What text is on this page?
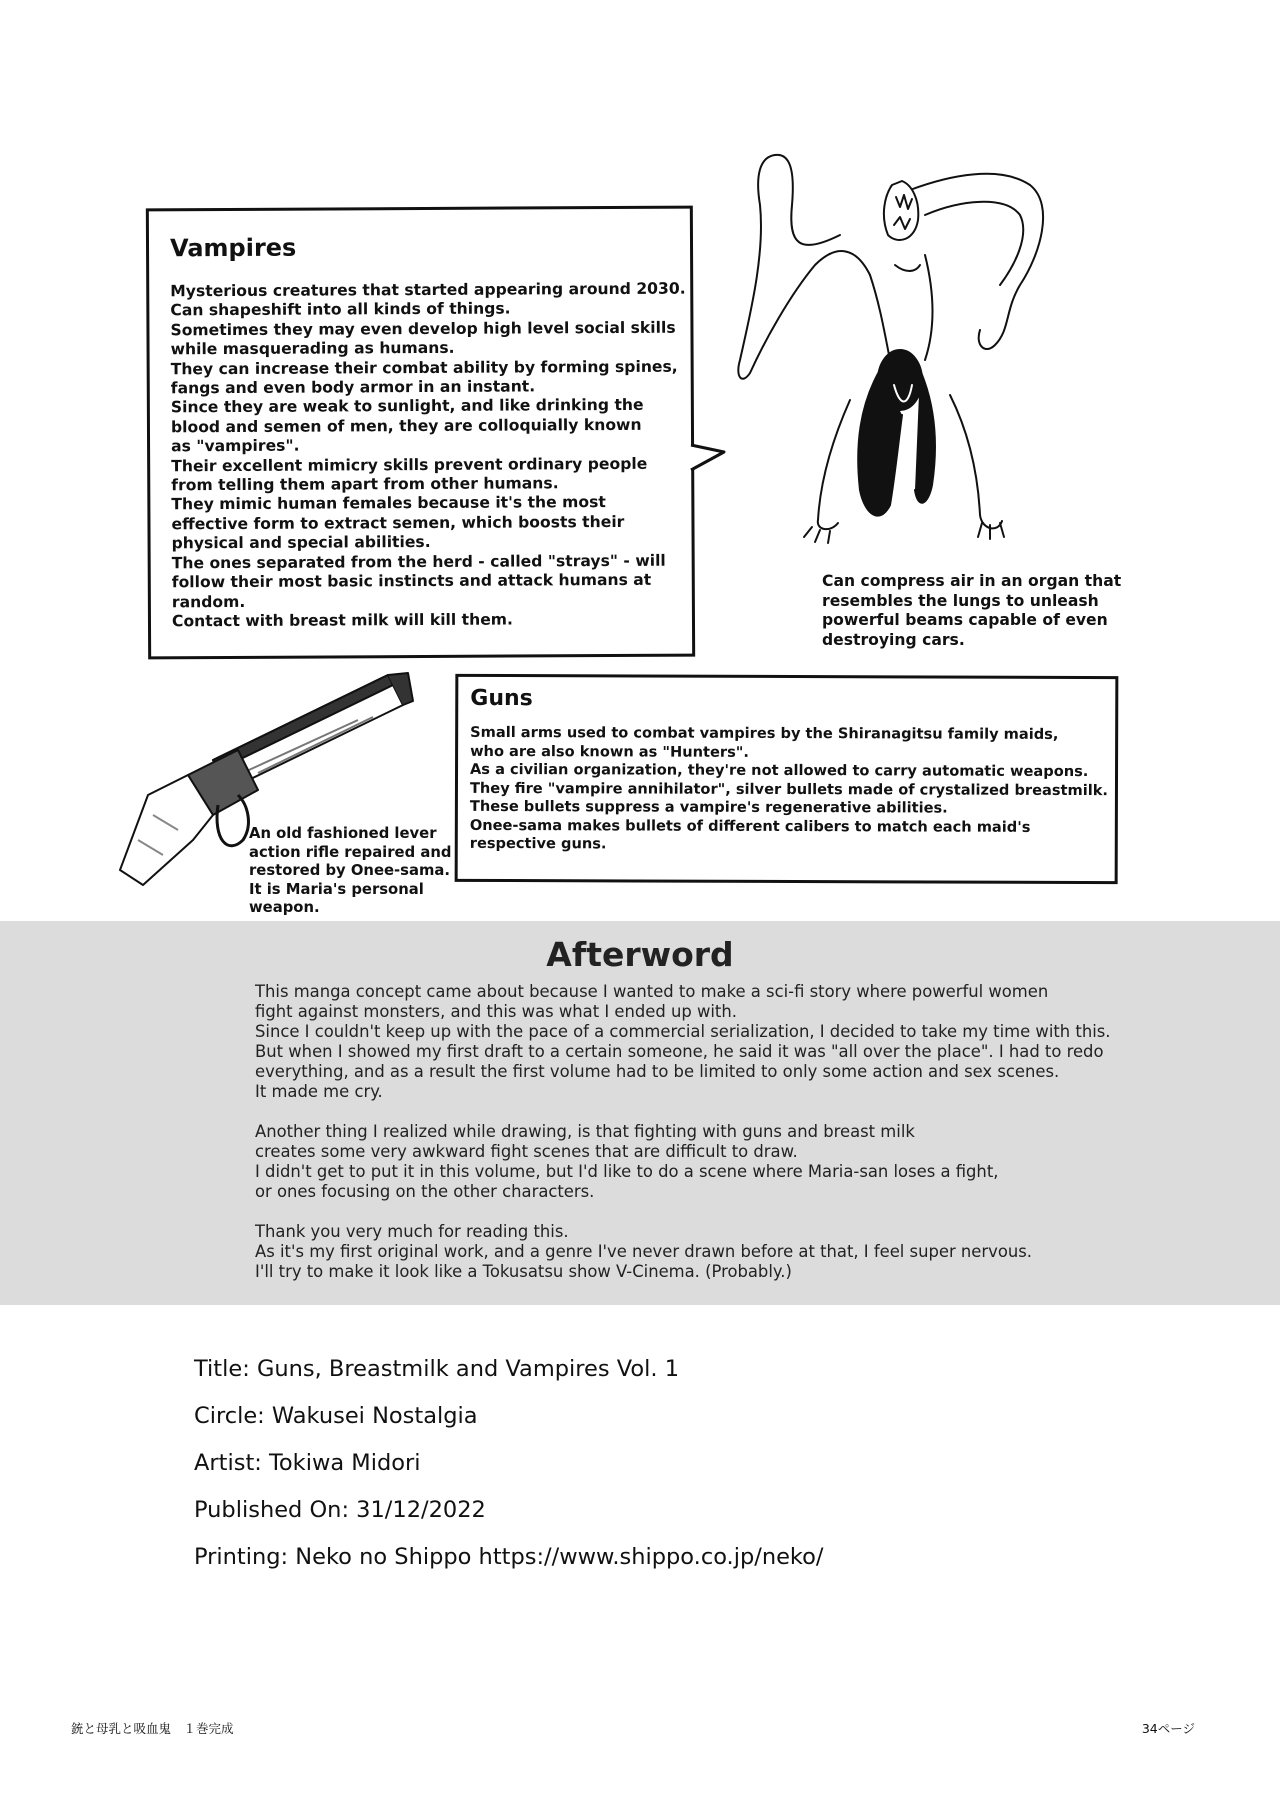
Vampires
Mysterious creatures that started appearing around 2030.
Can shapeshift into all kinds of things.
Sometimes they may even develop high level social skills
while masquerading as humans.
They can increase their combat ability by forming spines,
fangs and even body armor in an instant.
Since they are weak to sunlight, and like drinking the
blood and semen of men, they are colloquially known
as "vampires".
Their excellent mimicry skills prevent ordinary people
from telling them apart from other humans.
They mimic human females because it's the most
effective form to extract semen, which boosts their
physical and special abilities.
The ones separated from the herd - called "strays" - will
follow their most basic instincts and attack humans at
random.
Contact with breast milk will kill them.
Can compress air in an organ that
resembles the lungs to unleash
powerful beams capable of even
destroying cars.
Guns
Small arms used to combat vampires by the Shiranagitsu family maids,
who are also known as "Hunters".
As a civilian organization, they're not allowed to carry automatic weapons.
They fire "vampire annihilator", silver bullets made of crystalized breastmilk.
These bullets suppress a vampire's regenerative abilities.
Onee-sama makes bullets of different calibers to match each maid's
respective guns.
An old fashioned lever
action rifle repaired and
restored by Onee-sama.
It is Maria's personal
weapon.
Afterword
This manga concept came about because I wanted to make a sci-fi story where powerful women
fight against monsters, and this was what I ended up with.
Since I couldn't keep up with the pace of a commercial serialization, I decided to take my time with this.
But when I showed my first draft to a certain someone, he said it was "all over the place". I had to redo
everything, and as a result the first volume had to be limited to only some action and sex scenes.
It made me cry.
Another thing I realized while drawing, is that fighting with guns and breast milk
creates some very awkward fight scenes that are difficult to draw.
I didn't get to put it in this volume, but I'd like to do a scene where Maria-san loses a fight,
or ones focusing on the other characters.
Thank you very much for reading this.
As it's my first original work, and a genre I've never drawn before at that, I feel super nervous.
I'll try to make it look like a Tokusatsu show V-Cinema. (Probably.)
Title: Guns, Breastmilk and Vampires Vol. 1
Circle: Wakusei Nostalgia
Artist: Tokiwa Midori
Published On: 31/12/2022
Printing: Neko no Shippo https://www.shippo.co.jp/neko/
銃と母乳と吸血鬼　１巻完成	34ページ
